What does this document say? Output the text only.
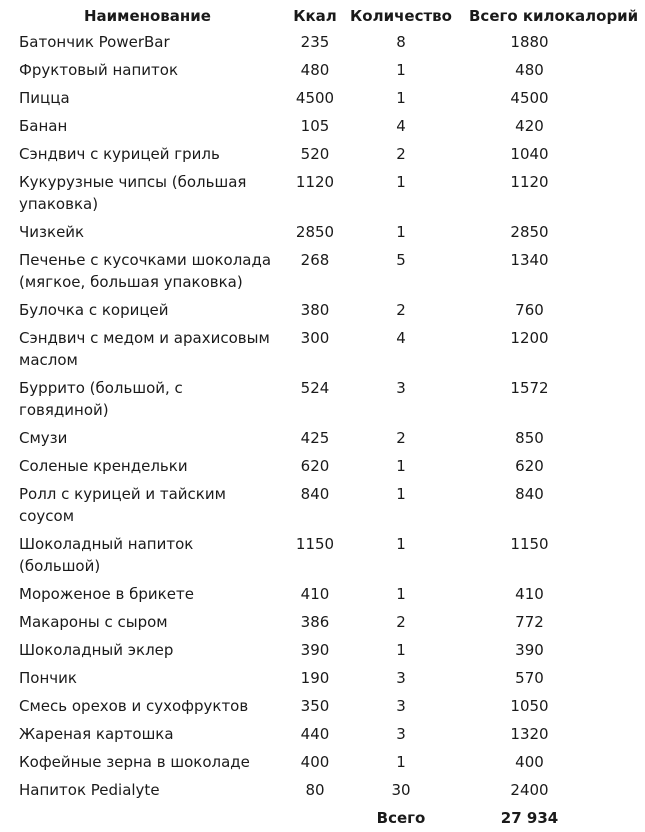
Наименование	Ккал	Количество	Всего килокалорий
Батончик PowerBar	235	8	1880
Фруктовый напиток	480	1	480
Пицца	4500	1	4500
Банан	105	4	420
Сэндвич с курицей гриль	520	2	1040
Кукурузные чипсы (большая упаковка)	1120	1	1120
Чизкейк	2850	1	2850
Печенье с кусочками шоколада (мягкое, большая упаковка)	268	5	1340
Булочка с корицей	380	2	760
Сэндвич с медом и арахисовым маслом	300	4	1200
Буррито (большой, с говядиной)	524	3	1572
Смузи	425	2	850
Соленые крендельки	620	1	620
Ролл с курицей и тайским соусом	840	1	840
Шоколадный напиток (большой)	1150	1	1150
Мороженое в брикете	410	1	410
Макароны с сыром	386	2	772
Шоколадный эклер	390	1	390
Пончик	190	3	570
Смесь орехов и сухофруктов	350	3	1050
Жареная картошка	440	3	1320
Кофейные зерна в шоколаде	400	1	400
Напиток Pedialyte	80	30	2400
		Всего	27 934
